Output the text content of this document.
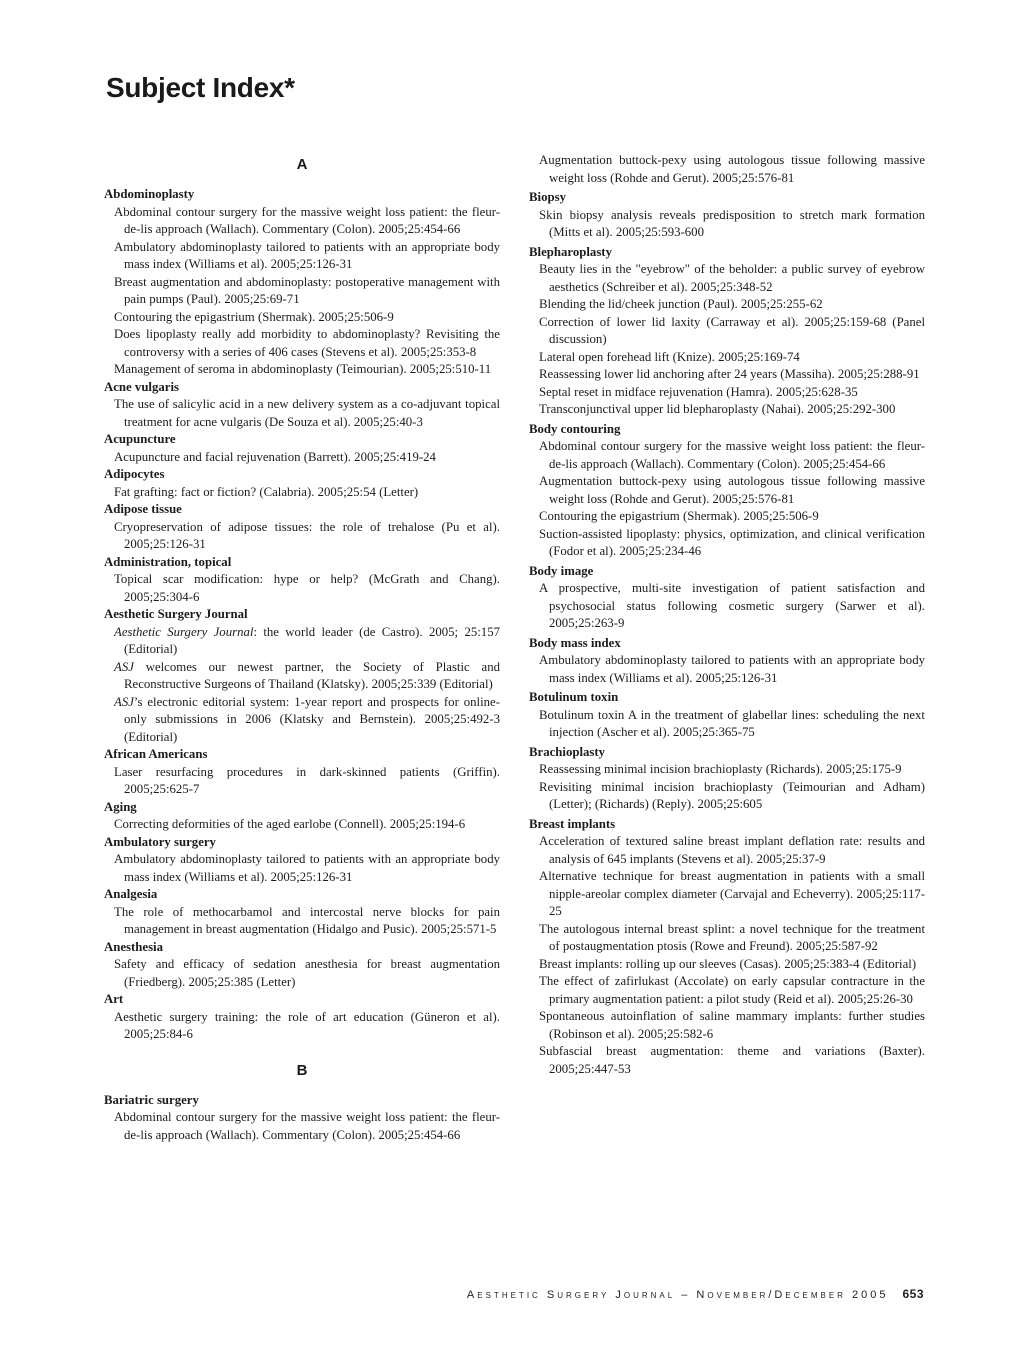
Subject Index*
A
Abdominoplasty
Abdominal contour surgery for the massive weight loss patient: the fleur-de-lis approach (Wallach). Commentary (Colon). 2005;25:454-66
Ambulatory abdominoplasty tailored to patients with an appropriate body mass index (Williams et al). 2005;25:126-31
Breast augmentation and abdominoplasty: postoperative management with pain pumps (Paul). 2005;25:69-71
Contouring the epigastrium (Shermak). 2005;25:506-9
Does lipoplasty really add morbidity to abdominoplasty? Revisiting the controversy with a series of 406 cases (Stevens et al). 2005;25:353-8
Management of seroma in abdominoplasty (Teimourian). 2005;25:510-11
Acne vulgaris
The use of salicylic acid in a new delivery system as a co-adjuvant topical treatment for acne vulgaris (De Souza et al). 2005;25:40-3
Acupuncture
Acupuncture and facial rejuvenation (Barrett). 2005;25:419-24
Adipocytes
Fat grafting: fact or fiction? (Calabria). 2005;25:54 (Letter)
Adipose tissue
Cryopreservation of adipose tissues: the role of trehalose (Pu et al). 2005;25:126-31
Administration, topical
Topical scar modification: hype or help? (McGrath and Chang). 2005;25:304-6
Aesthetic Surgery Journal
Aesthetic Surgery Journal: the world leader (de Castro). 2005; 25:157 (Editorial)
ASJ welcomes our newest partner, the Society of Plastic and Reconstructive Surgeons of Thailand (Klatsky). 2005;25:339 (Editorial)
ASJ’s electronic editorial system: 1-year report and prospects for online-only submissions in 2006 (Klatsky and Bernstein). 2005;25:492-3 (Editorial)
African Americans
Laser resurfacing procedures in dark-skinned patients (Griffin). 2005;25:625-7
Aging
Correcting deformities of the aged earlobe (Connell). 2005;25:194-6
Ambulatory surgery
Ambulatory abdominoplasty tailored to patients with an appropriate body mass index (Williams et al). 2005;25:126-31
Analgesia
The role of methocarbamol and intercostal nerve blocks for pain management in breast augmentation (Hidalgo and Pusic). 2005;25:571-5
Anesthesia
Safety and efficacy of sedation anesthesia for breast augmentation (Friedberg). 2005;25:385 (Letter)
Art
Aesthetic surgery training: the role of art education (Güneron et al). 2005;25:84-6
B
Bariatric surgery
Abdominal contour surgery for the massive weight loss patient: the fleur-de-lis approach (Wallach). Commentary (Colon). 2005;25:454-66
Augmentation buttock-pexy using autologous tissue following massive weight loss (Rohde and Gerut). 2005;25:576-81
Biopsy
Skin biopsy analysis reveals predisposition to stretch mark formation (Mitts et al). 2005;25:593-600
Blepharoplasty
Beauty lies in the "eyebrow" of the beholder: a public survey of eyebrow aesthetics (Schreiber et al). 2005;25:348-52
Blending the lid/cheek junction (Paul). 2005;25:255-62
Correction of lower lid laxity (Carraway et al). 2005;25:159-68 (Panel discussion)
Lateral open forehead lift (Knize). 2005;25:169-74
Reassessing lower lid anchoring after 24 years (Massiha). 2005;25:288-91
Septal reset in midface rejuvenation (Hamra). 2005;25:628-35
Transconjunctival upper lid blepharoplasty (Nahai). 2005;25:292-300
Body contouring
Abdominal contour surgery for the massive weight loss patient: the fleur-de-lis approach (Wallach). Commentary (Colon). 2005;25:454-66
Augmentation buttock-pexy using autologous tissue following massive weight loss (Rohde and Gerut). 2005;25:576-81
Contouring the epigastrium (Shermak). 2005;25:506-9
Suction-assisted lipoplasty: physics, optimization, and clinical verification (Fodor et al). 2005;25:234-46
Body image
A prospective, multi-site investigation of patient satisfaction and psychosocial status following cosmetic surgery (Sarwer et al). 2005;25:263-9
Body mass index
Ambulatory abdominoplasty tailored to patients with an appropriate body mass index (Williams et al). 2005;25:126-31
Botulinum toxin
Botulinum toxin A in the treatment of glabellar lines: scheduling the next injection (Ascher et al). 2005;25:365-75
Brachioplasty
Reassessing minimal incision brachioplasty (Richards). 2005;25:175-9
Revisiting minimal incision brachioplasty (Teimourian and Adham) (Letter); (Richards) (Reply). 2005;25:605
Breast implants
Acceleration of textured saline breast implant deflation rate: results and analysis of 645 implants (Stevens et al). 2005;25:37-9
Alternative technique for breast augmentation in patients with a small nipple-areolar complex diameter (Carvajal and Echeverry). 2005;25:117-25
The autologous internal breast splint: a novel technique for the treatment of postaugmentation ptosis (Rowe and Freund). 2005;25:587-92
Breast implants: rolling up our sleeves (Casas). 2005;25:383-4 (Editorial)
The effect of zafirlukast (Accolate) on early capsular contracture in the primary augmentation patient: a pilot study (Reid et al). 2005;25:26-30
Spontaneous autoinflation of saline mammary implants: further studies (Robinson et al). 2005;25:582-6
Subfascial breast augmentation: theme and variations (Baxter). 2005;25:447-53
Aesthetic Surgery Journal – November/December 2005 653
